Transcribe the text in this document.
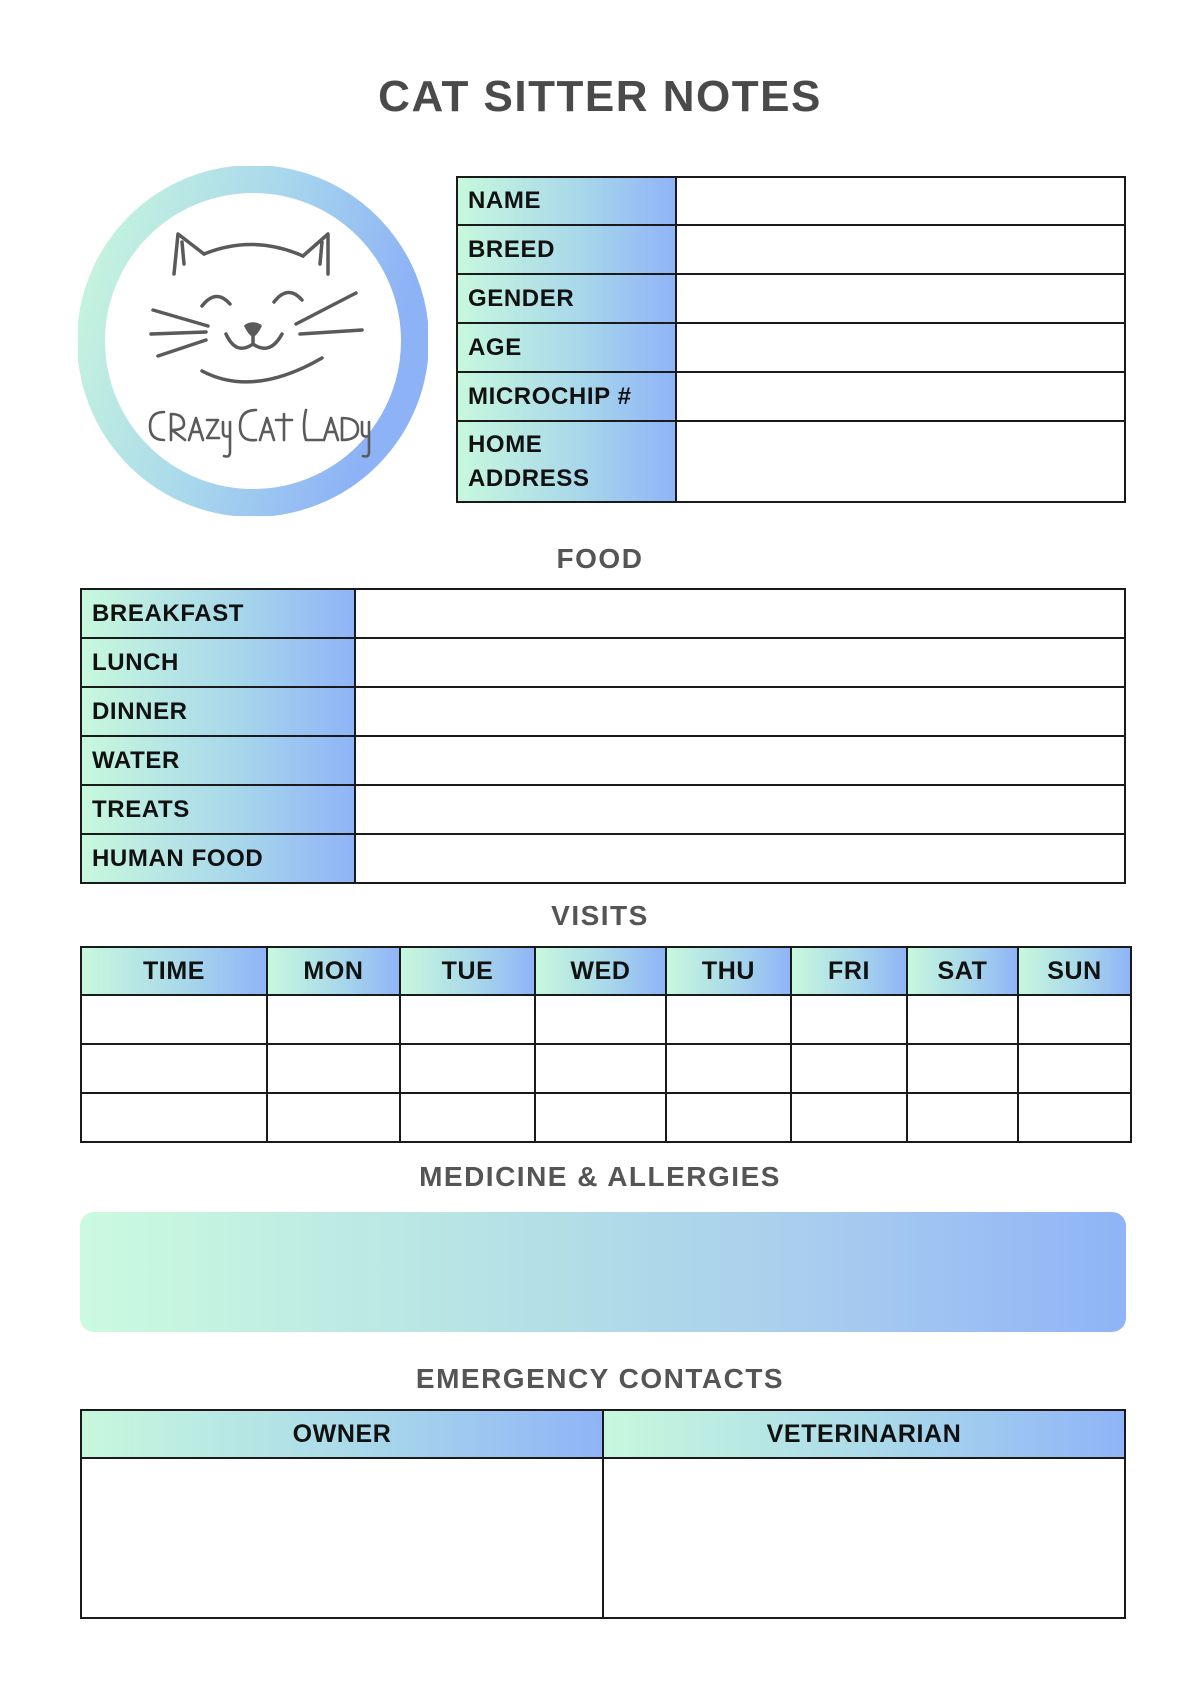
CAT SITTER NOTES
NAME	
BREED	
GENDER	
AGE	
MICROCHIP #	

HOME
ADDRESS	

FOOD
BREAKFAST	
LUNCH	
DINNER	
WATER	
TREATS	
HUMAN FOOD	
VISITS
TIME	MON	TUE	WED	THU	FRI	SAT	SUN

MEDICINE & ALLERGIES
EMERGENCY CONTACTS
OWNER	VETERINARIAN
